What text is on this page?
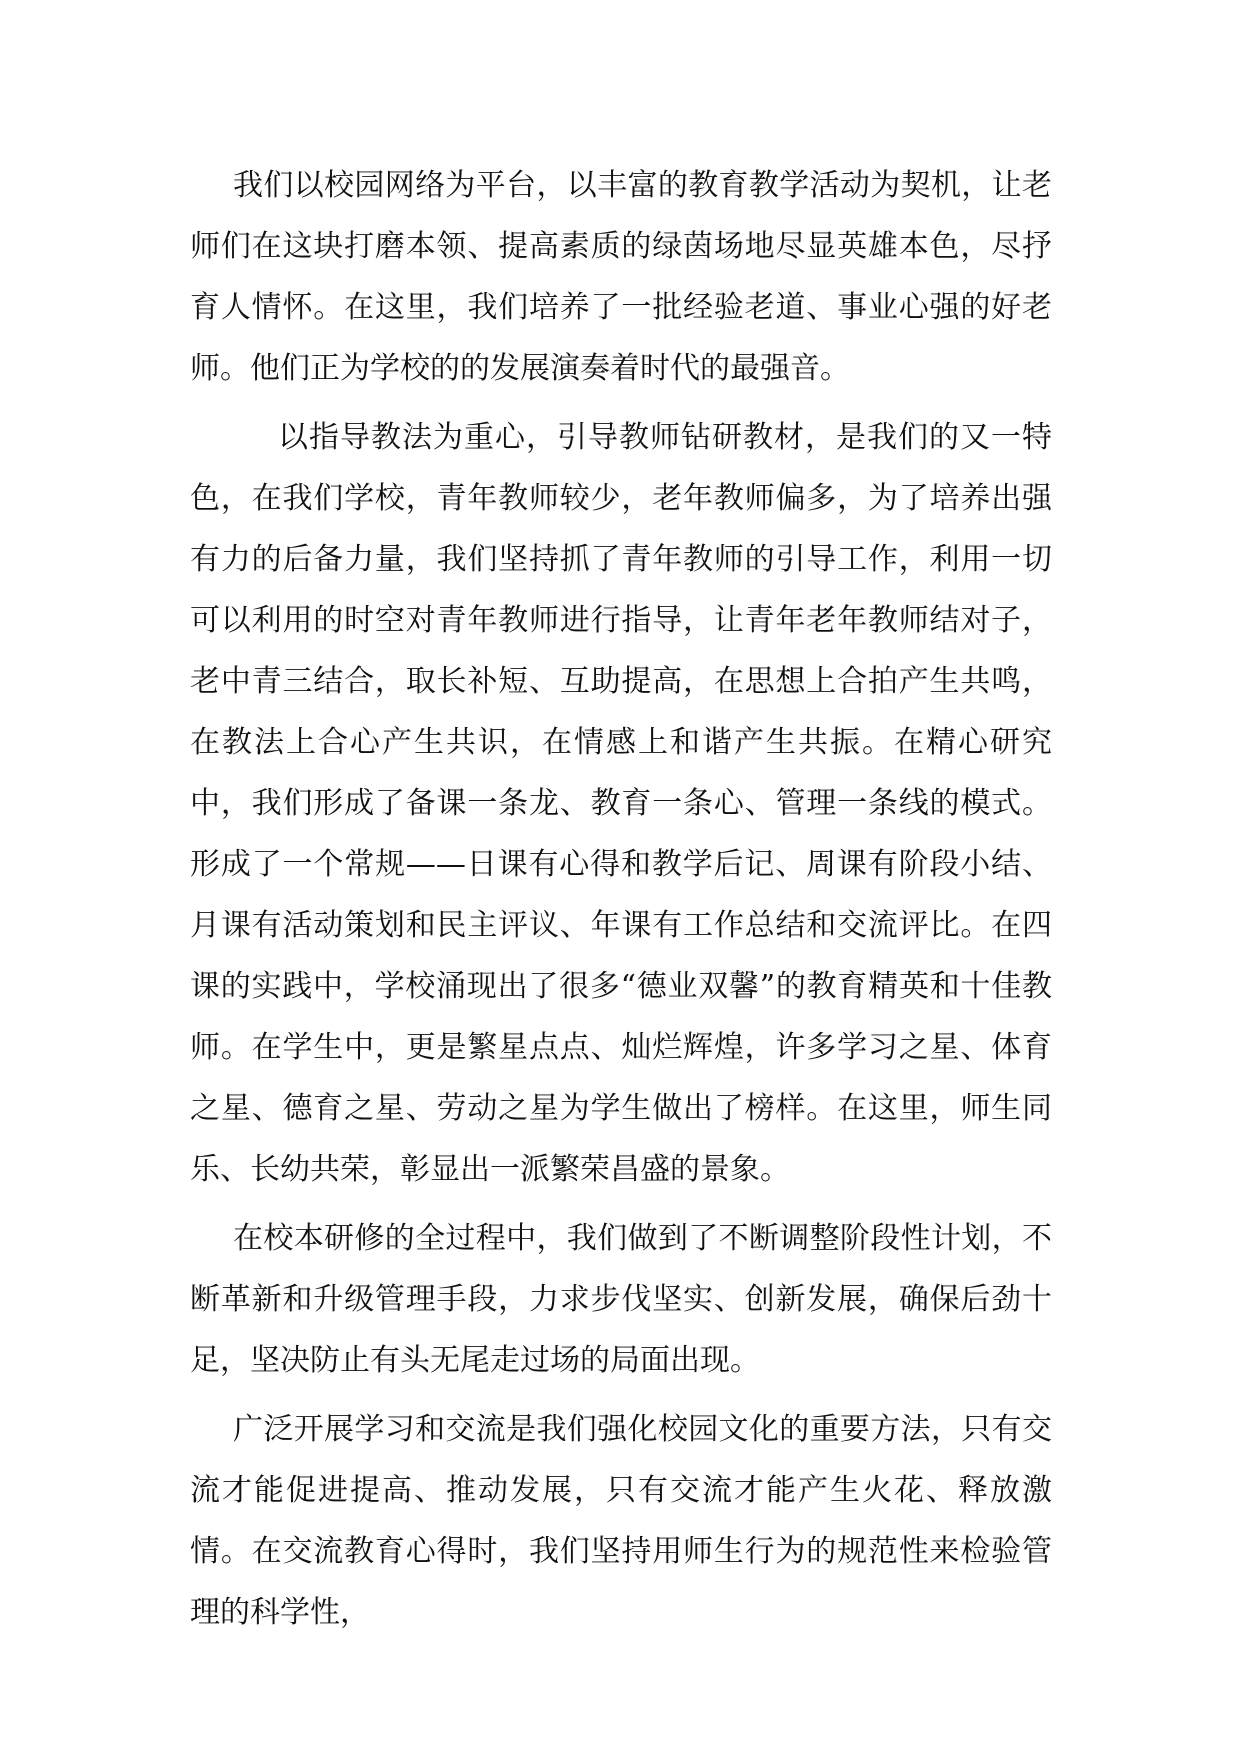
我们以校园网络为平台，以丰富的教育教学活动为契机，让老师们在这块打磨本领、提高素质的绿茵场地尽显英雄本色，尽抒育人情怀。在这里，我们培养了一批经验老道、事业心强的好老师。他们正为学校的的发展演奏着时代的最强音。

以指导教法为重心，引导教师钻研教材，是我们的又一特色，在我们学校，青年教师较少，老年教师偏多，为了培养出强有力的后备力量，我们坚持抓了青年教师的引导工作，利用一切可以利用的时空对青年教师进行指导，让青年老年教师结对子，老中青三结合，取长补短、互助提高，在思想上合拍产生共鸣，在教法上合心产生共识，在情感上和谐产生共振。在精心研究中，我们形成了备课一条龙、教育一条心、管理一条线的模式。形成了一个常规——日课有心得和教学后记、周课有阶段小结、月课有活动策划和民主评议、年课有工作总结和交流评比。在四课的实践中，学校涌现出了很多“德业双馨”的教育精英和十佳教师。在学生中，更是繁星点点、灿烂辉煌，许多学习之星、体育之星、德育之星、劳动之星为学生做出了榜样。在这里，师生同乐、长幼共荣，彰显出一派繁荣昌盛的景象。

在校本研修的全过程中，我们做到了不断调整阶段性计划，不断革新和升级管理手段，力求步伐坚实、创新发展，确保后劲十足，坚决防止有头无尾走过场的局面出现。

广泛开展学习和交流是我们强化校园文化的重要方法，只有交流才能促进提高、推动发展，只有交流才能产生火花、释放激情。在交流教育心得时，我们坚持用师生行为的规范性来检验管理的科学性，
